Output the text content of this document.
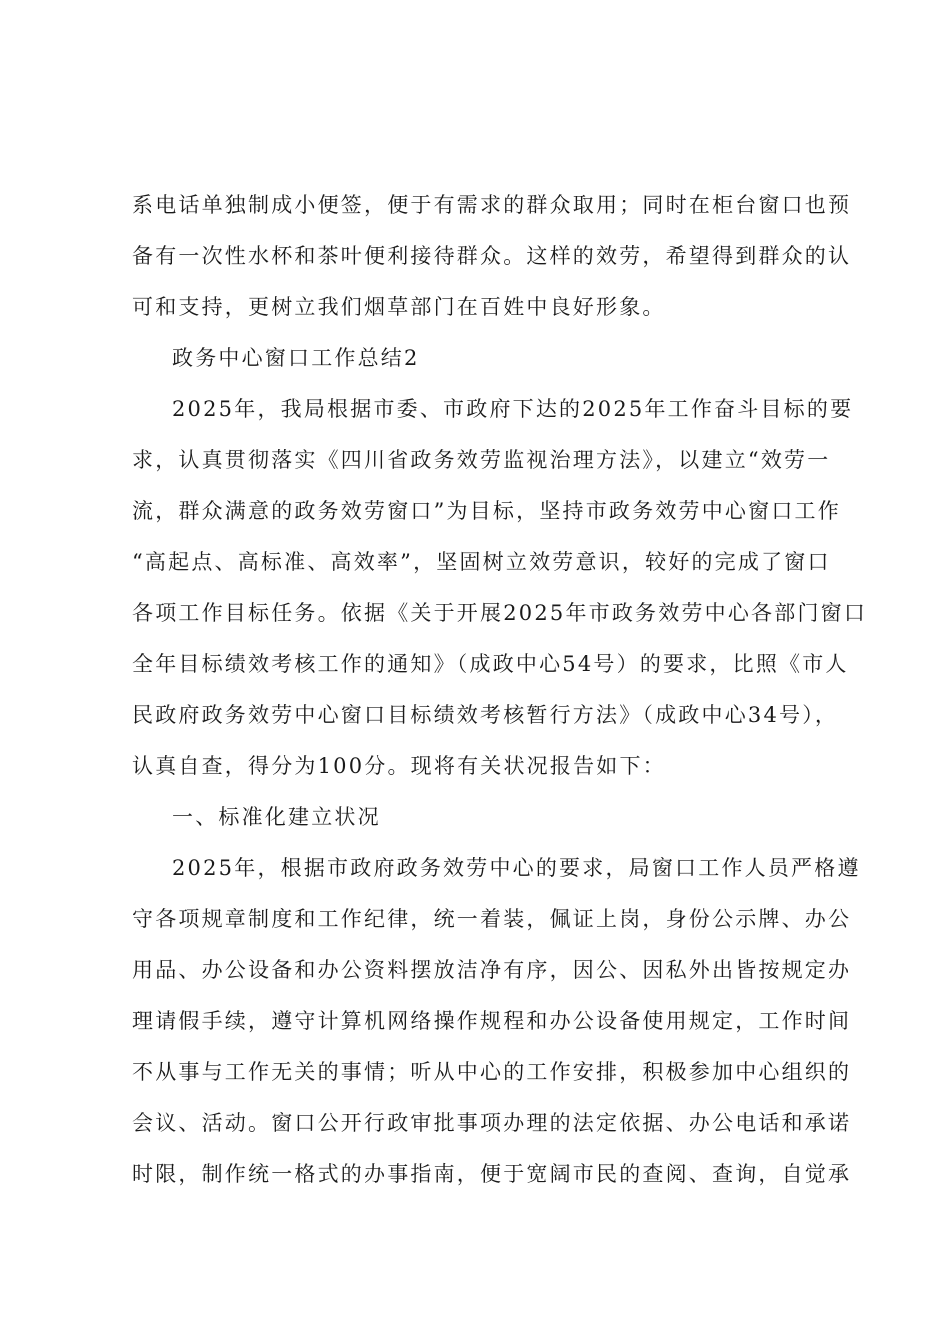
系电话单独制成小便签，便于有需求的群众取用；同时在柜台窗口也预
备有一次性水杯和茶叶便利接待群众。这样的效劳，希望得到群众的认
可和支持，更树立我们烟草部门在百姓中良好形象。
政务中心窗口工作总结2
2025年，我局根据市委、市政府下达的2025年工作奋斗目标的要
求，认真贯彻落实《四川省政务效劳监视治理方法》，以建立“效劳一
流，群众满意的政务效劳窗口”为目标，坚持市政务效劳中心窗口工作
“高起点、高标准、高效率”，坚固树立效劳意识，较好的完成了窗口
各项工作目标任务。依据《关于开展2025年市政务效劳中心各部门窗口
全年目标绩效考核工作的通知》（成政中心54号）的要求，比照《市人
民政府政务效劳中心窗口目标绩效考核暂行方法》（成政中心34号），
认真自查，得分为100分。现将有关状况报告如下：
一、标准化建立状况
2025年，根据市政府政务效劳中心的要求，局窗口工作人员严格遵
守各项规章制度和工作纪律，统一着装，佩证上岗，身份公示牌、办公
用品、办公设备和办公资料摆放洁净有序，因公、因私外出皆按规定办
理请假手续，遵守计算机网络操作规程和办公设备使用规定，工作时间
不从事与工作无关的事情；听从中心的工作安排，积极参加中心组织的
会议、活动。窗口公开行政审批事项办理的法定依据、办公电话和承诺
时限，制作统一格式的办事指南，便于宽阔市民的查阅、查询，自觉承
